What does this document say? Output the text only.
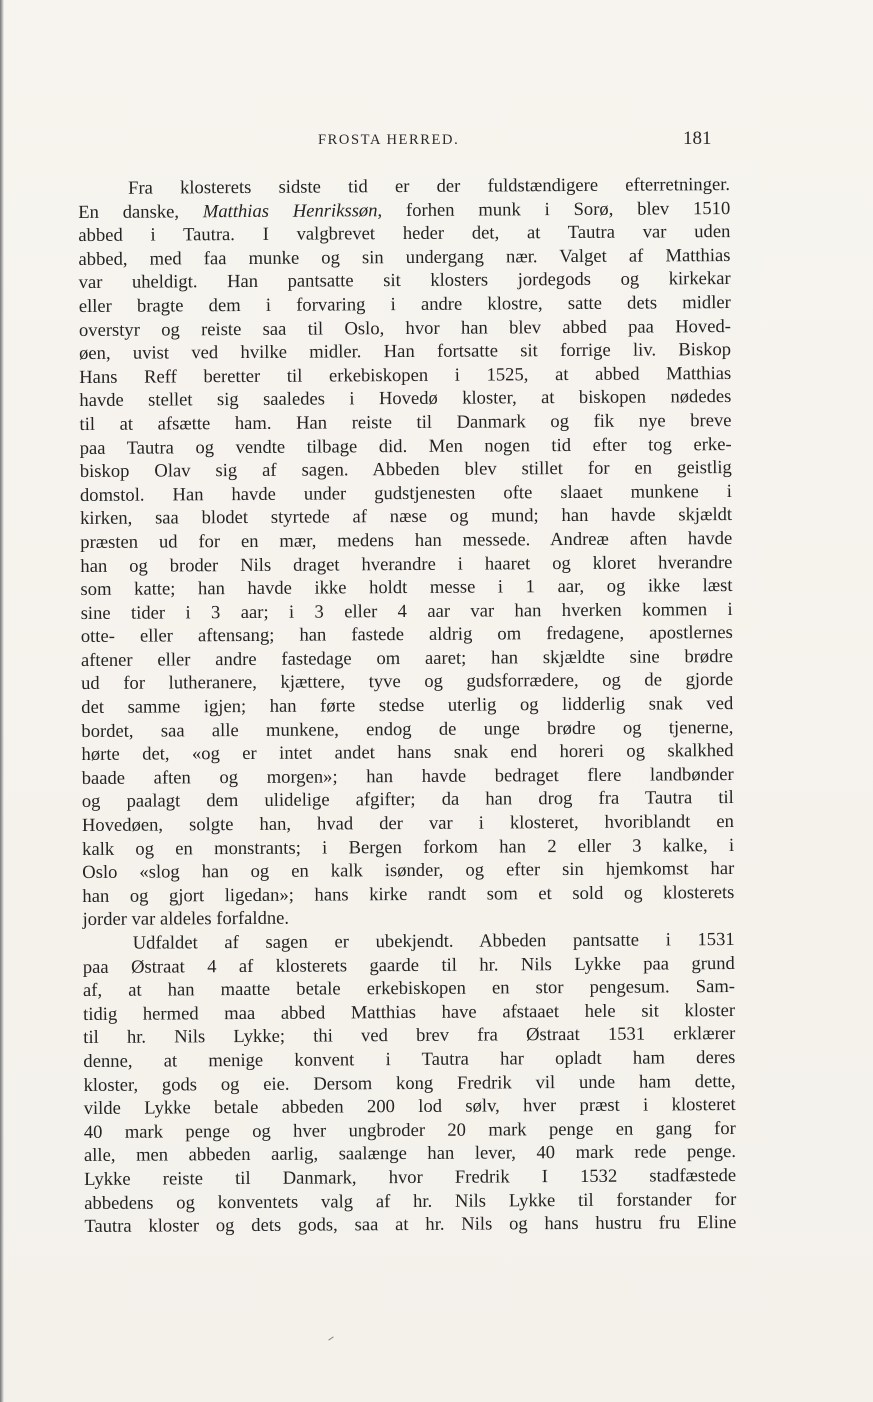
FROSTA HERRED.	181
Fra klosterets sidste tid er der fuldstændigere efterretninger.
En danske, Matthias Henrikssøn, forhen munk i Sorø, blev 1510
abbed i Tautra. I valgbrevet heder det, at Tautra var uden
abbed, med faa munke og sin undergang nær. Valget af Matthias
var uheldigt. Han pantsatte sit klosters jordegods og kirkekar
eller bragte dem i forvaring i andre klostre, satte dets midler
overstyr og reiste saa til Oslo, hvor han blev abbed paa Hoved-
øen, uvist ved hvilke midler. Han fortsatte sit forrige liv. Biskop
Hans Reff beretter til erkebiskopen i 1525, at abbed Matthias
havde stellet sig saaledes i Hovedø kloster, at biskopen nødedes
til at afsætte ham. Han reiste til Danmark og fik nye breve
paa Tautra og vendte tilbage did. Men nogen tid efter tog erke-
biskop Olav sig af sagen. Abbeden blev stillet for en geistlig
domstol. Han havde under gudstjenesten ofte slaaet munkene i
kirken, saa blodet styrtede af næse og mund; han havde skjældt
præsten ud for en mær, medens han messede. Andreæ aften havde
han og broder Nils draget hverandre i haaret og kloret hverandre
som katte; han havde ikke holdt messe i 1 aar, og ikke læst
sine tider i 3 aar; i 3 eller 4 aar var han hverken kommen i
otte- eller aftensang; han fastede aldrig om fredagene, apostlernes
aftener eller andre fastedage om aaret; han skjældte sine brødre
ud for lutheranere, kjættere, tyve og gudsforrædere, og de gjorde
det samme igjen; han førte stedse uterlig og lidderlig snak ved
bordet, saa alle munkene, endog de unge brødre og tjenerne,
hørte det, «og er intet andet hans snak end horeri og skalkhed
baade aften og morgen»; han havde bedraget flere landbønder
og paalagt dem ulidelige afgifter; da han drog fra Tautra til
Hovedøen, solgte han, hvad der var i klosteret, hvoriblandt en
kalk og en monstrants; i Bergen forkom han 2 eller 3 kalke, i
Oslo «slog han og en kalk isønder, og efter sin hjemkomst har
han og gjort ligedan»; hans kirke randt som et sold og klosterets
jorder var aldeles forfaldne.
Udfaldet af sagen er ubekjendt. Abbeden pantsatte i 1531
paa Østraat 4 af klosterets gaarde til hr. Nils Lykke paa grund
af, at han maatte betale erkebiskopen en stor pengesum. Sam-
tidig hermed maa abbed Matthias have afstaaet hele sit kloster
til hr. Nils Lykke; thi ved brev fra Østraat 1531 erklærer
denne, at menige konvent i Tautra har opladt ham deres
kloster, gods og eie. Dersom kong Fredrik vil unde ham dette,
vilde Lykke betale abbeden 200 lod sølv, hver præst i klosteret
40 mark penge og hver ungbroder 20 mark penge en gang for
alle, men abbeden aarlig, saalænge han lever, 40 mark rede penge.
Lykke reiste til Danmark, hvor Fredrik I 1532 stadfæstede
abbedens og konventets valg af hr. Nils Lykke til forstander for
Tautra kloster og dets gods, saa at hr. Nils og hans hustru fru Eline
